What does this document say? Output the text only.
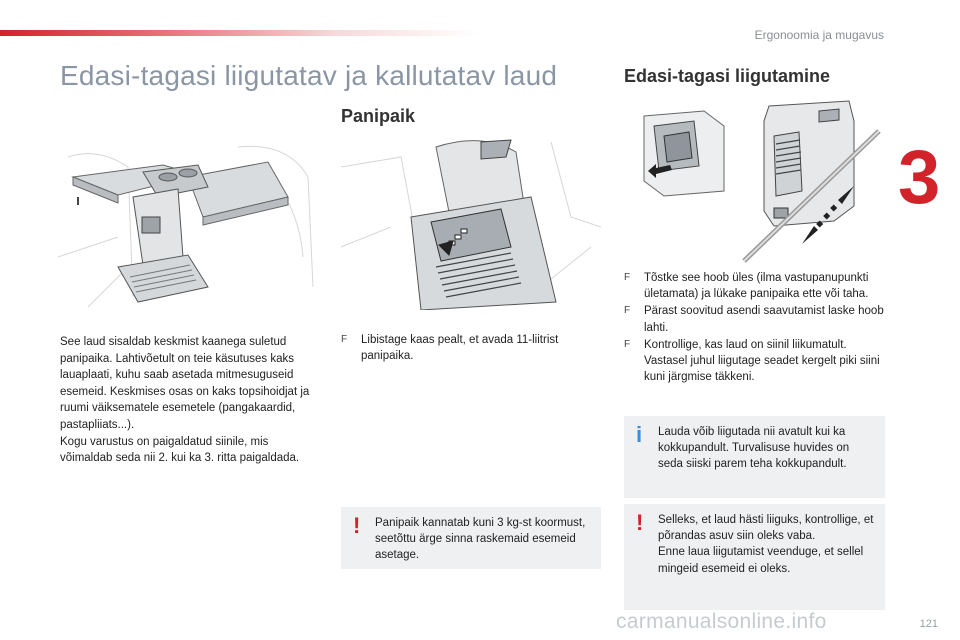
Ergonoomia ja mugavus
3
Edasi-tagasi liigutatav ja kallutatav laud

See laud sisaldab keskmist kaanega suletud panipaika. Lahtivõetult on teie käsutuses kaks lauaplaati, kuhu saab asetada mitmesuguseid esemeid. Keskmises osas on kaks topsihoidjat ja ruumi väiksematele esemetele (pangakaardid, pastapliiats...).
Kogu varustus on paigaldatud siinile, mis võimaldab seda nii 2. kui ka 3. ritta paigaldada.

Panipaik
F Libistage kaas pealt, et avada 11-liitrist panipaika.
! Panipaik kannatab kuni 3 kg-st koormust, seetõttu ärge sinna raskemaid esemeid asetage.
Edasi-tagasi liigutamine
F Tõstke see hoob üles (ilma vastupanupunkti ületamata) ja lükake panipaika ette või taha.
F Pärast soovitud asendi saavutamist laske hoob lahti.
F Kontrollige, kas laud on siinil liikumatult. Vastasel juhul liigutage seadet kergelt piki siini kuni järgmise täkkeni.
i Lauda võib liigutada nii avatult kui ka kokkupandult. Turvalisuse huvides on seda siiski parem teha kokkupandult.
! Selleks, et laud hästi liiguks, kontrollige, et põrandas asuv siin oleks vaba.
Enne laua liigutamist veenduge, et sellel mingeid esemeid ei oleks.
carmanualsonline.info	121
